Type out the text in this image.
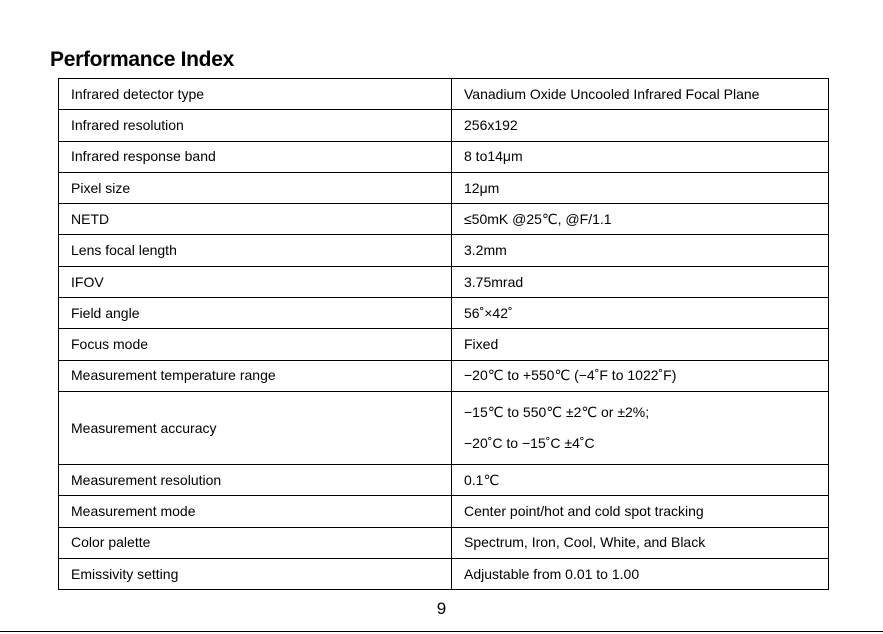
Performance Index
Infrared detector type	Vanadium Oxide Uncooled Infrared Focal Plane
Infrared resolution	256x192
Infrared response band	8 to14μm
Pixel size	12μm
NETD	≤50mK @25℃, @F/1.1
Lens focal length	3.2mm
IFOV	3.75mrad
Field angle	56˚×42˚
Focus mode	Fixed
Measurement temperature range	−20℃ to +550℃ (−4˚F to 1022˚F)
Measurement accuracy	−15℃ to 550℃ ±2℃ or ±2%;
−20˚C to −15˚C ±4˚C

Measurement resolution	0.1℃
Measurement mode	Center point/hot and cold spot tracking
Color palette	Spectrum, Iron, Cool, White, and Black
Emissivity setting	Adjustable from 0.01 to 1.00
9
